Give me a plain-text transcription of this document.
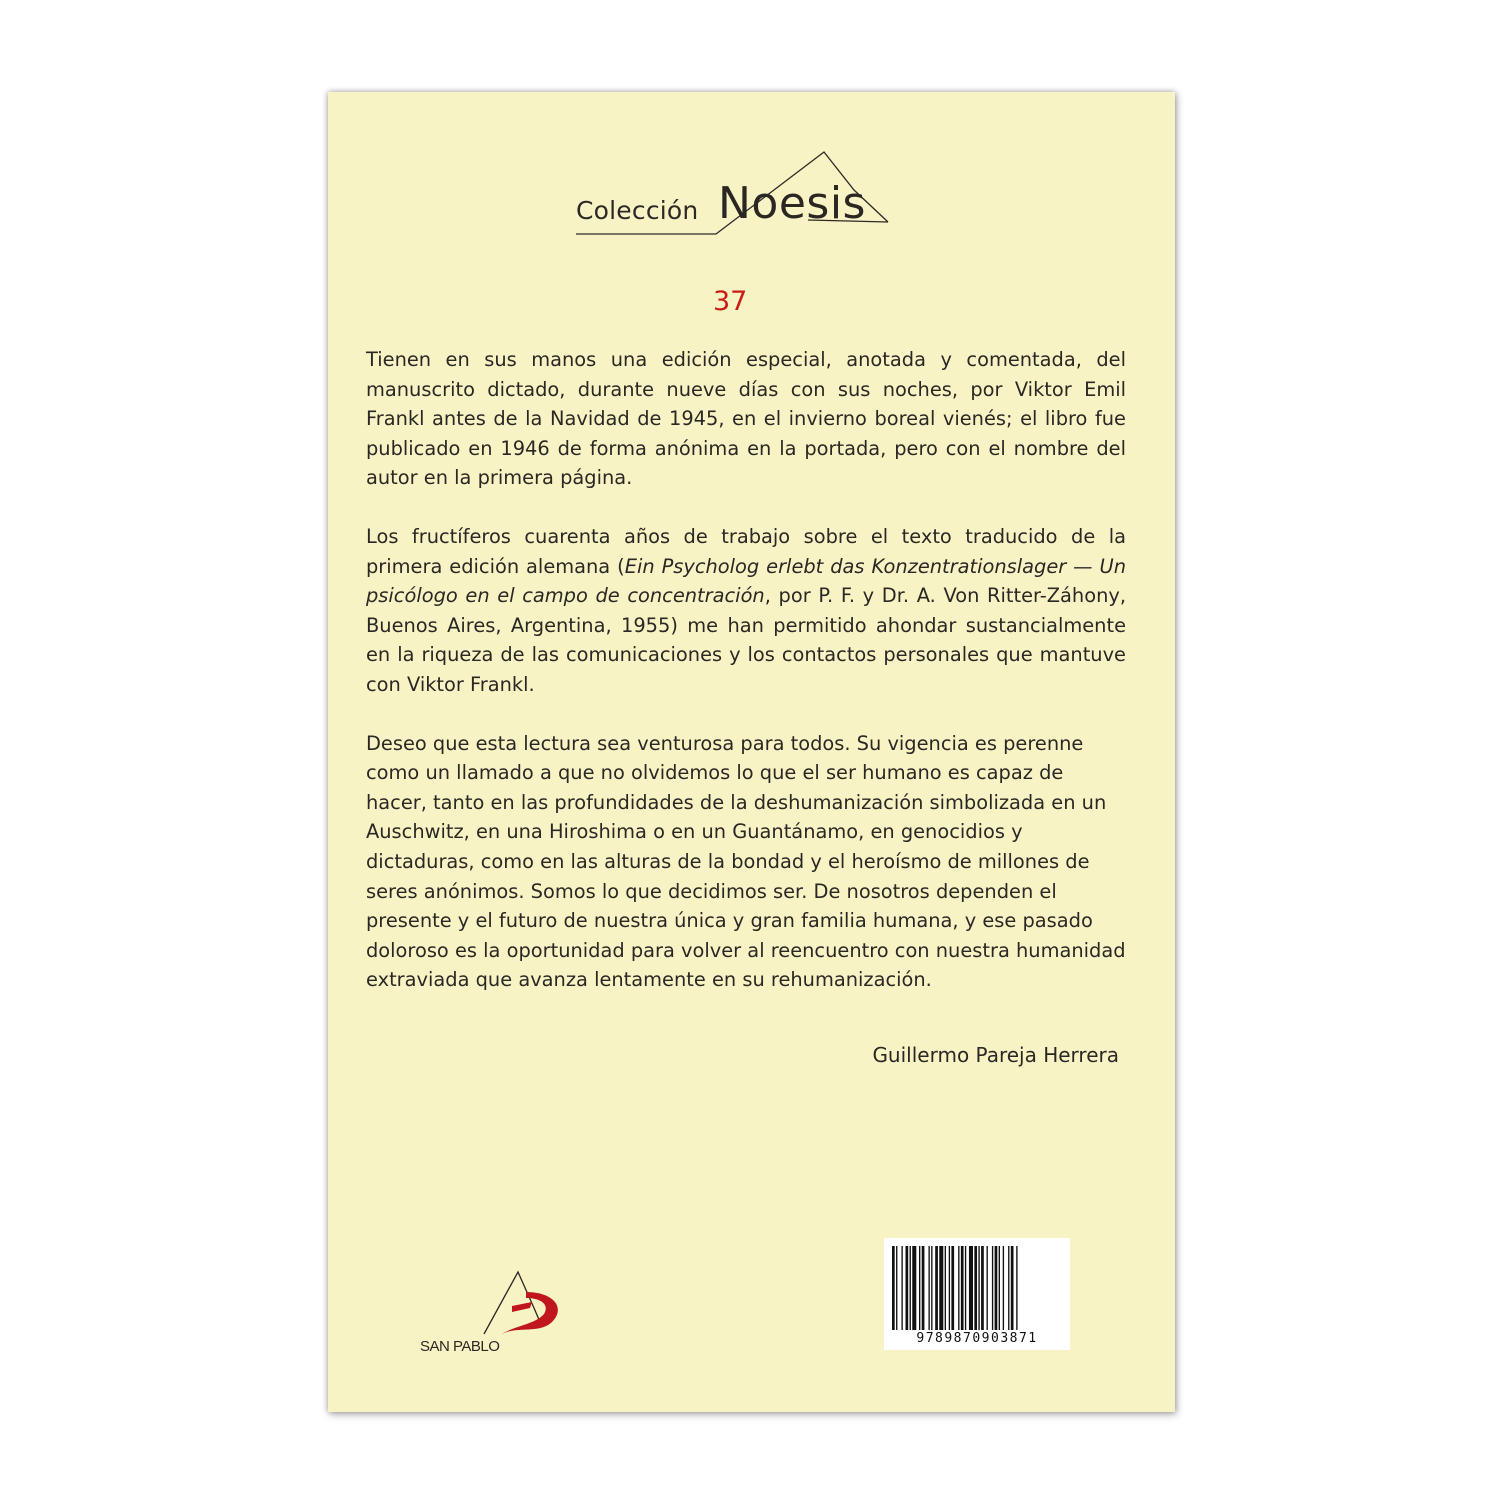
Colección Noesis
37

Tienen en sus manos una edición especial, anotada y comentada, del manuscrito dictado, durante nueve días con sus noches, por Viktor Emil Frankl antes de la Navidad de 1945, en el invierno boreal vienés; el libro fue publicado en 1946 de forma anónima en la portada, pero con el nombre del autor en la primera página.

Los fructíferos cuarenta años de trabajo sobre el texto traducido de la primera edición alemana (Ein Psycholog erlebt das Konzentrationslager — Un psicólogo en el campo de concentración, por P. F. y Dr. A. Von Ritter-Záhony, Buenos Aires, Argentina, 1955) me han permitido ahondar sustancialmente en la riqueza de las comunicaciones y los contactos personales que mantuve con Viktor Frankl.

Deseo que esta lectura sea venturosa para todos. Su vigencia es perenne como un llamado a que no olvidemos lo que el ser humano es capaz de hacer, tanto en las profundidades de la deshumanización simbolizada en un Auschwitz, en una Hiroshima o en un Guantánamo, en genocidios y dictaduras, como en las alturas de la bondad y el heroísmo de millones de seres anónimos. Somos lo que decidimos ser. De nosotros dependen el presente y el futuro de nuestra única y gran familia humana, y ese pasado doloroso es la oportunidad para volver al reencuentro con nuestra humanidad extraviada que avanza lentamente en su rehumanización.

Guillermo Pareja Herrera
SAN PABLO	9789870903871
